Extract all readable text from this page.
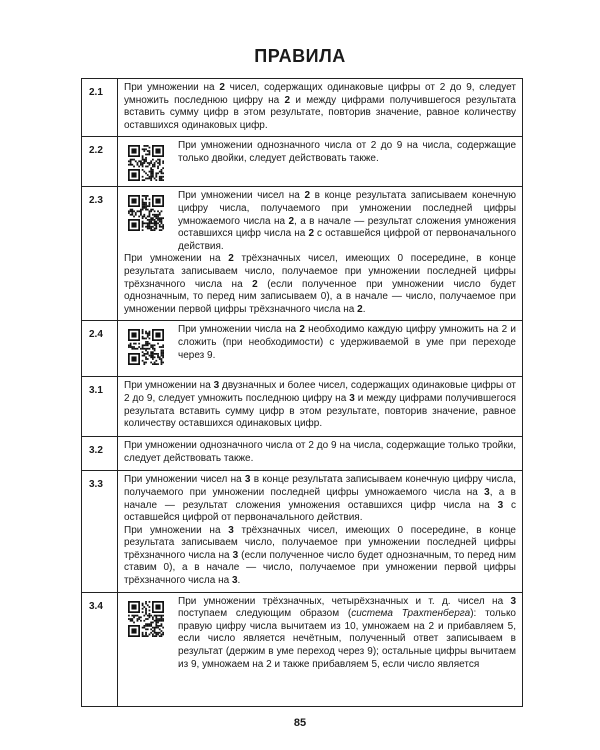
ПРАВИЛА
2.1	При умножении на 2 чисел, содержащих одинаковые цифры от 2 до 9, следует умножить последнюю цифру на 2 и между цифрами получившегося результата вставить сумму цифр в этом результате, повторив значение, равное количеству оставшихся одинаковых цифр.

2.2	При умножении однозначного числа от 2 до 9 на числа, содержащие только двойки, следует действовать также.

2.3	При умножении чисел на 2 в конце результата записываем конечную цифру числа, получаемого при умножении последней цифры умножаемого числа на 2, а в начале — результат сложения умножения оставшихся цифр числа на 2 с оставшейся цифрой от первоначального действия.

При умножении на 2 трёхзначных чисел, имеющих 0 посередине, в конце результата записываем число, получаемое при умножении последней цифры трёхзначного числа на 2 (если полученное при умножении число будет однозначным, то перед ним записываем 0), а в начале — число, получаемое при умножении первой цифры трёхзначного числа на 2.

2.4	При умножении числа на 2 необходимо каждую цифру умножить на 2 и сложить (при необходимости) с удерживаемой в уме при переходе через 9.

3.1	При умножении на 3 двузначных и более чисел, содержащих одинаковые цифры от 2 до 9, следует умножить последнюю цифру на 3 и между цифрами получившегося результата вставить сумму цифр в этом результате, повторив значение, равное количеству оставшихся одинаковых цифр.

3.2	При умножении однозначного числа от 2 до 9 на числа, содержащие только тройки, следует действовать также.

3.3	При умножении чисел на 3 в конце результата записываем конечную цифру числа, получаемого при умножении последней цифры умножаемого числа на 3, а в начале — результат сложения умножения оставшихся цифр числа на 3 с оставшейся цифрой от первоначального действия.

При умножении на 3 трёхзначных чисел, имеющих 0 посередине, в конце результата записываем число, получаемое при умножении последней цифры трёхзначного числа на 3 (если полученное число будет однозначным, то перед ним ставим 0), а в начале — число, получаемое при умножении первой цифры трёхзначного числа на 3.

3.4	При умножении трёхзначных, четырёхзначных и т. д. чисел на 3 поступаем следующим образом (система Трахтенберга): только правую цифру числа вычитаем из 10, умножаем на 2 и прибавляем 5, если число является нечётным, полученный ответ записываем в результат (держим в уме переход через 9); остальные цифры вычитаем из 9, умножаем на 2 и также прибавляем 5, если число является

85
